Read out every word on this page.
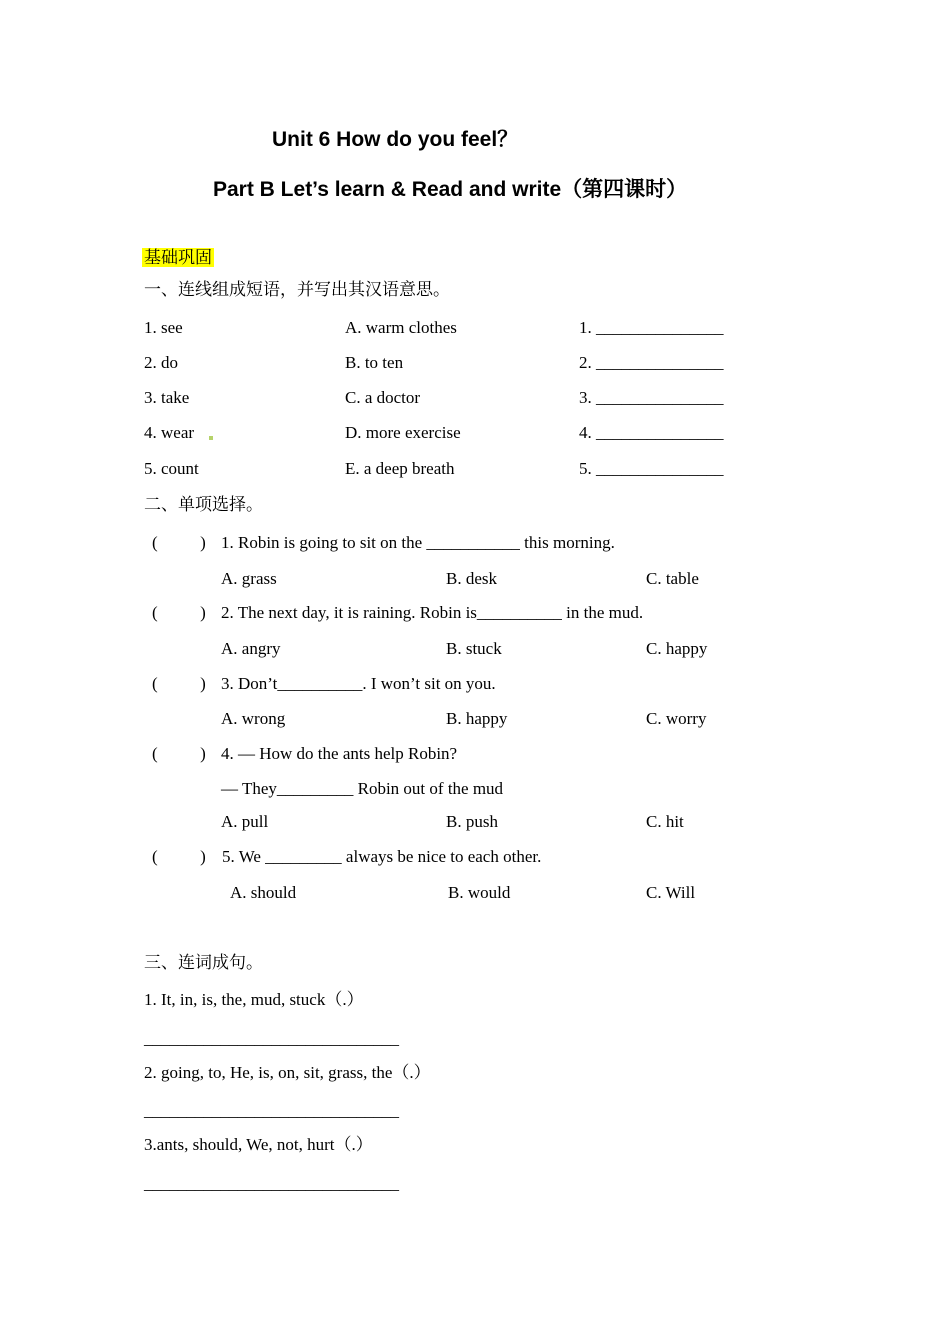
Unit 6 How do you feel？
Part B Let’s learn & Read and write（第四课时）
基础巩固
一、连线组成短语，并写出其汉语意思。
1. see	A. warm clothes	1. _______________
2. do	B. to ten	2. _______________
3. take	C. a doctor	3. _______________
4. wear	D. more exercise	4. _______________
5. count	E. a deep breath	5. _______________
二、单项选择。
(          ) 1. Robin is going to sit on the ___________ this morning.
A. grass	B. desk	C. table
(          ) 2. The next day, it is raining. Robin is__________ in the mud.
A. angry	B. stuck	C. happy
(          ) 3. Don’t__________. I won’t sit on you.
A. wrong	B. happy	C. worry
(          ) 4. — How do the ants help Robin?
— They_________ Robin out of the mud
A. pull	B. push	C. hit
(          ) 5. We _________ always be nice to each other.
A. should	B. would	C. Will
三、连词成句。
1. It, in, is, the, mud, stuck（.）
______________________________
2. going, to, He, is, on, sit, grass, the（.）
______________________________
3.ants, should, We, not, hurt（.）
______________________________
